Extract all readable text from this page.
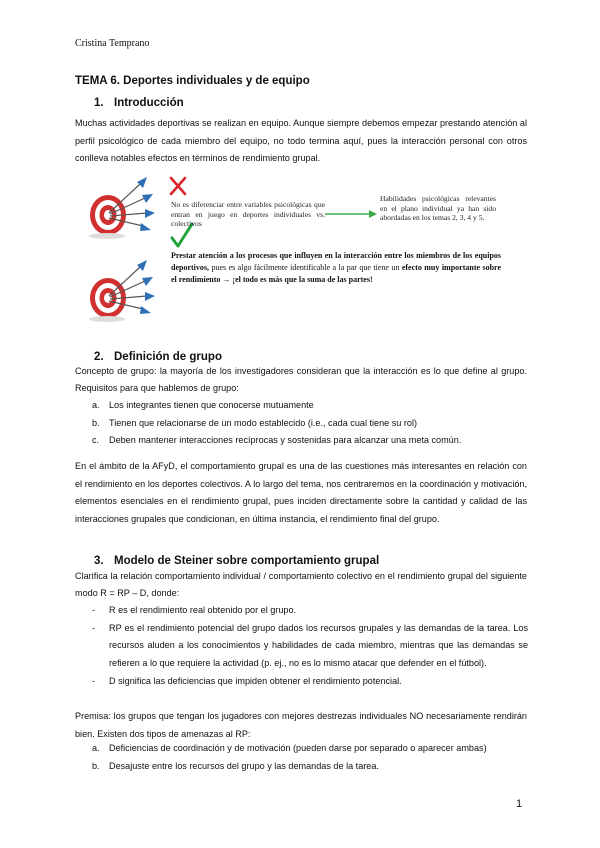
Cristina Temprano
TEMA 6. Deportes individuales y de equipo
1. Introducción
Muchas actividades deportivas se realizan en equipo. Aunque siempre debemos empezar prestando atención al perfil psicológico de cada miembro del equipo, no todo termina aquí, pues la interacción personal con otros conlleva notables efectos en términos de rendimiento grupal.
No es diferenciar entre variables psicológicas que entran en juego en deportes individuales vs. colectivos
Habilidades psicológicas relevantes en el plano individual ya han sido abordadas en los temas 2, 3, 4 y 5.
Prestar atención a los procesos que influyen en la interacción entre los miembros de los equipos deportivos, pues es algo fácilmente identificable a la par que tiene un efecto muy importante sobre el rendimiento → ¡el todo es más que la suma de las partes!
2. Definición de grupo
Concepto de grupo: la mayoría de los investigadores consideran que la interacción es lo que define al grupo. Requisitos para que hablemos de grupo:
a. Los integrantes tienen que conocerse mutuamente
b. Tienen que relacionarse de un modo establecido (i.e., cada cual tiene su rol)
c. Deben mantener interacciones recíprocas y sostenidas para alcanzar una meta común.
En el ámbito de la AFyD, el comportamiento grupal es una de las cuestiones más interesantes en relación con el rendimiento en los deportes colectivos. A lo largo del tema, nos centraremos en la coordinación y motivación, elementos esenciales en el rendimiento grupal, pues inciden directamente sobre la cantidad y calidad de las interacciones grupales que condicionan, en última instancia, el rendimiento final del grupo.
3. Modelo de Steiner sobre comportamiento grupal
Clarifica la relación comportamiento individual / comportamiento colectivo en el rendimiento grupal del siguiente modo R = RP – D, donde:
- R es el rendimiento real obtenido por el grupo.
- RP es el rendimiento potencial del grupo dados los recursos grupales y las demandas de la tarea. Los recursos aluden a los conocimientos y habilidades de cada miembro, mientras que las demandas se refieren a lo que requiere la actividad (p. ej., no es lo mismo atacar que defender en el fútbol).
- D significa las deficiencias que impiden obtener el rendimiento potencial.
Premisa: los grupos que tengan los jugadores con mejores destrezas individuales NO necesariamente rendirán bien. Existen dos tipos de amenazas al RP:
a. Deficiencias de coordinación y de motivación (pueden darse por separado o aparecer ambas)
b. Desajuste entre los recursos del grupo y las demandas de la tarea.
1
